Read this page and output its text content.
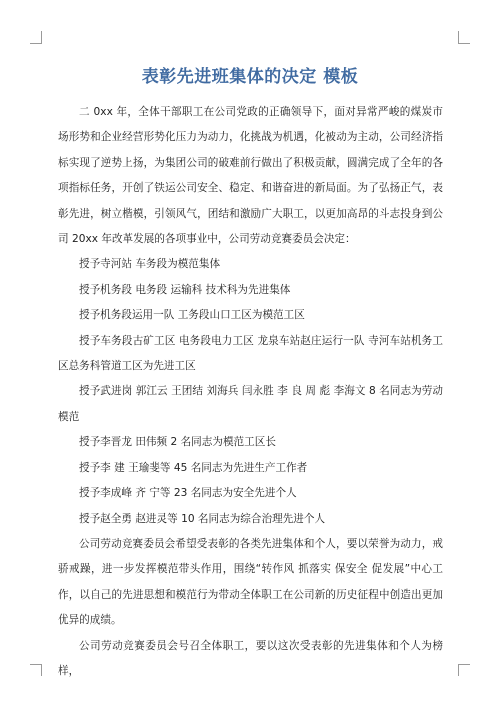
表彰先进班集体的决定 模板

二 0xx 年，全体干部职工在公司党政的正确领导下，面对异常严峻的煤炭市场形势和企业经营形势化压力为动力，化挑战为机遇，化被动为主动，公司经济指标实现了逆势上扬，为集团公司的破难前行做出了积极贡献，圆满完成了全年的各项指标任务，开创了铁运公司安全、稳定、和谐奋进的新局面。为了弘扬正气，表彰先进，树立楷模，引领风气，团结和激励广大职工，以更加高昂的斗志投身到公司 20xx 年改革发展的各项事业中，公司劳动竞赛委员会决定：

授予寺河站 车务段为模范集体

授予机务段 电务段 运输科 技术科为先进集体

授予机务段运用一队 工务段山口工区为模范工区

授予车务段古矿工区 电务段电力工区 龙泉车站赵庄运行一队 寺河车站机务工区总务科管道工区为先进工区

授予武进岗 郭江云 王团结 刘海兵 闫永胜 李 良 周 彪 李海文 8 名同志为劳动模范

授予李晋龙 田伟频 2 名同志为模范工区长

授予李 建 王瑜斐等 45 名同志为先进生产工作者

授予李成峰 齐 宁等 23 名同志为安全先进个人

授予赵全勇 赵进灵等 10 名同志为综合治理先进个人

公司劳动竞赛委员会希望受表彰的各类先进集体和个人，要以荣誉为动力，戒骄戒躁，进一步发挥模范带头作用，围绕“转作风 抓落实 保安全 促发展”中心工作，以自己的先进思想和模范行为带动全体职工在公司新的历史征程中创造出更加优异的成绩。

公司劳动竞赛委员会号召全体职工，要以这次受表彰的先进集体和个人为榜样，
